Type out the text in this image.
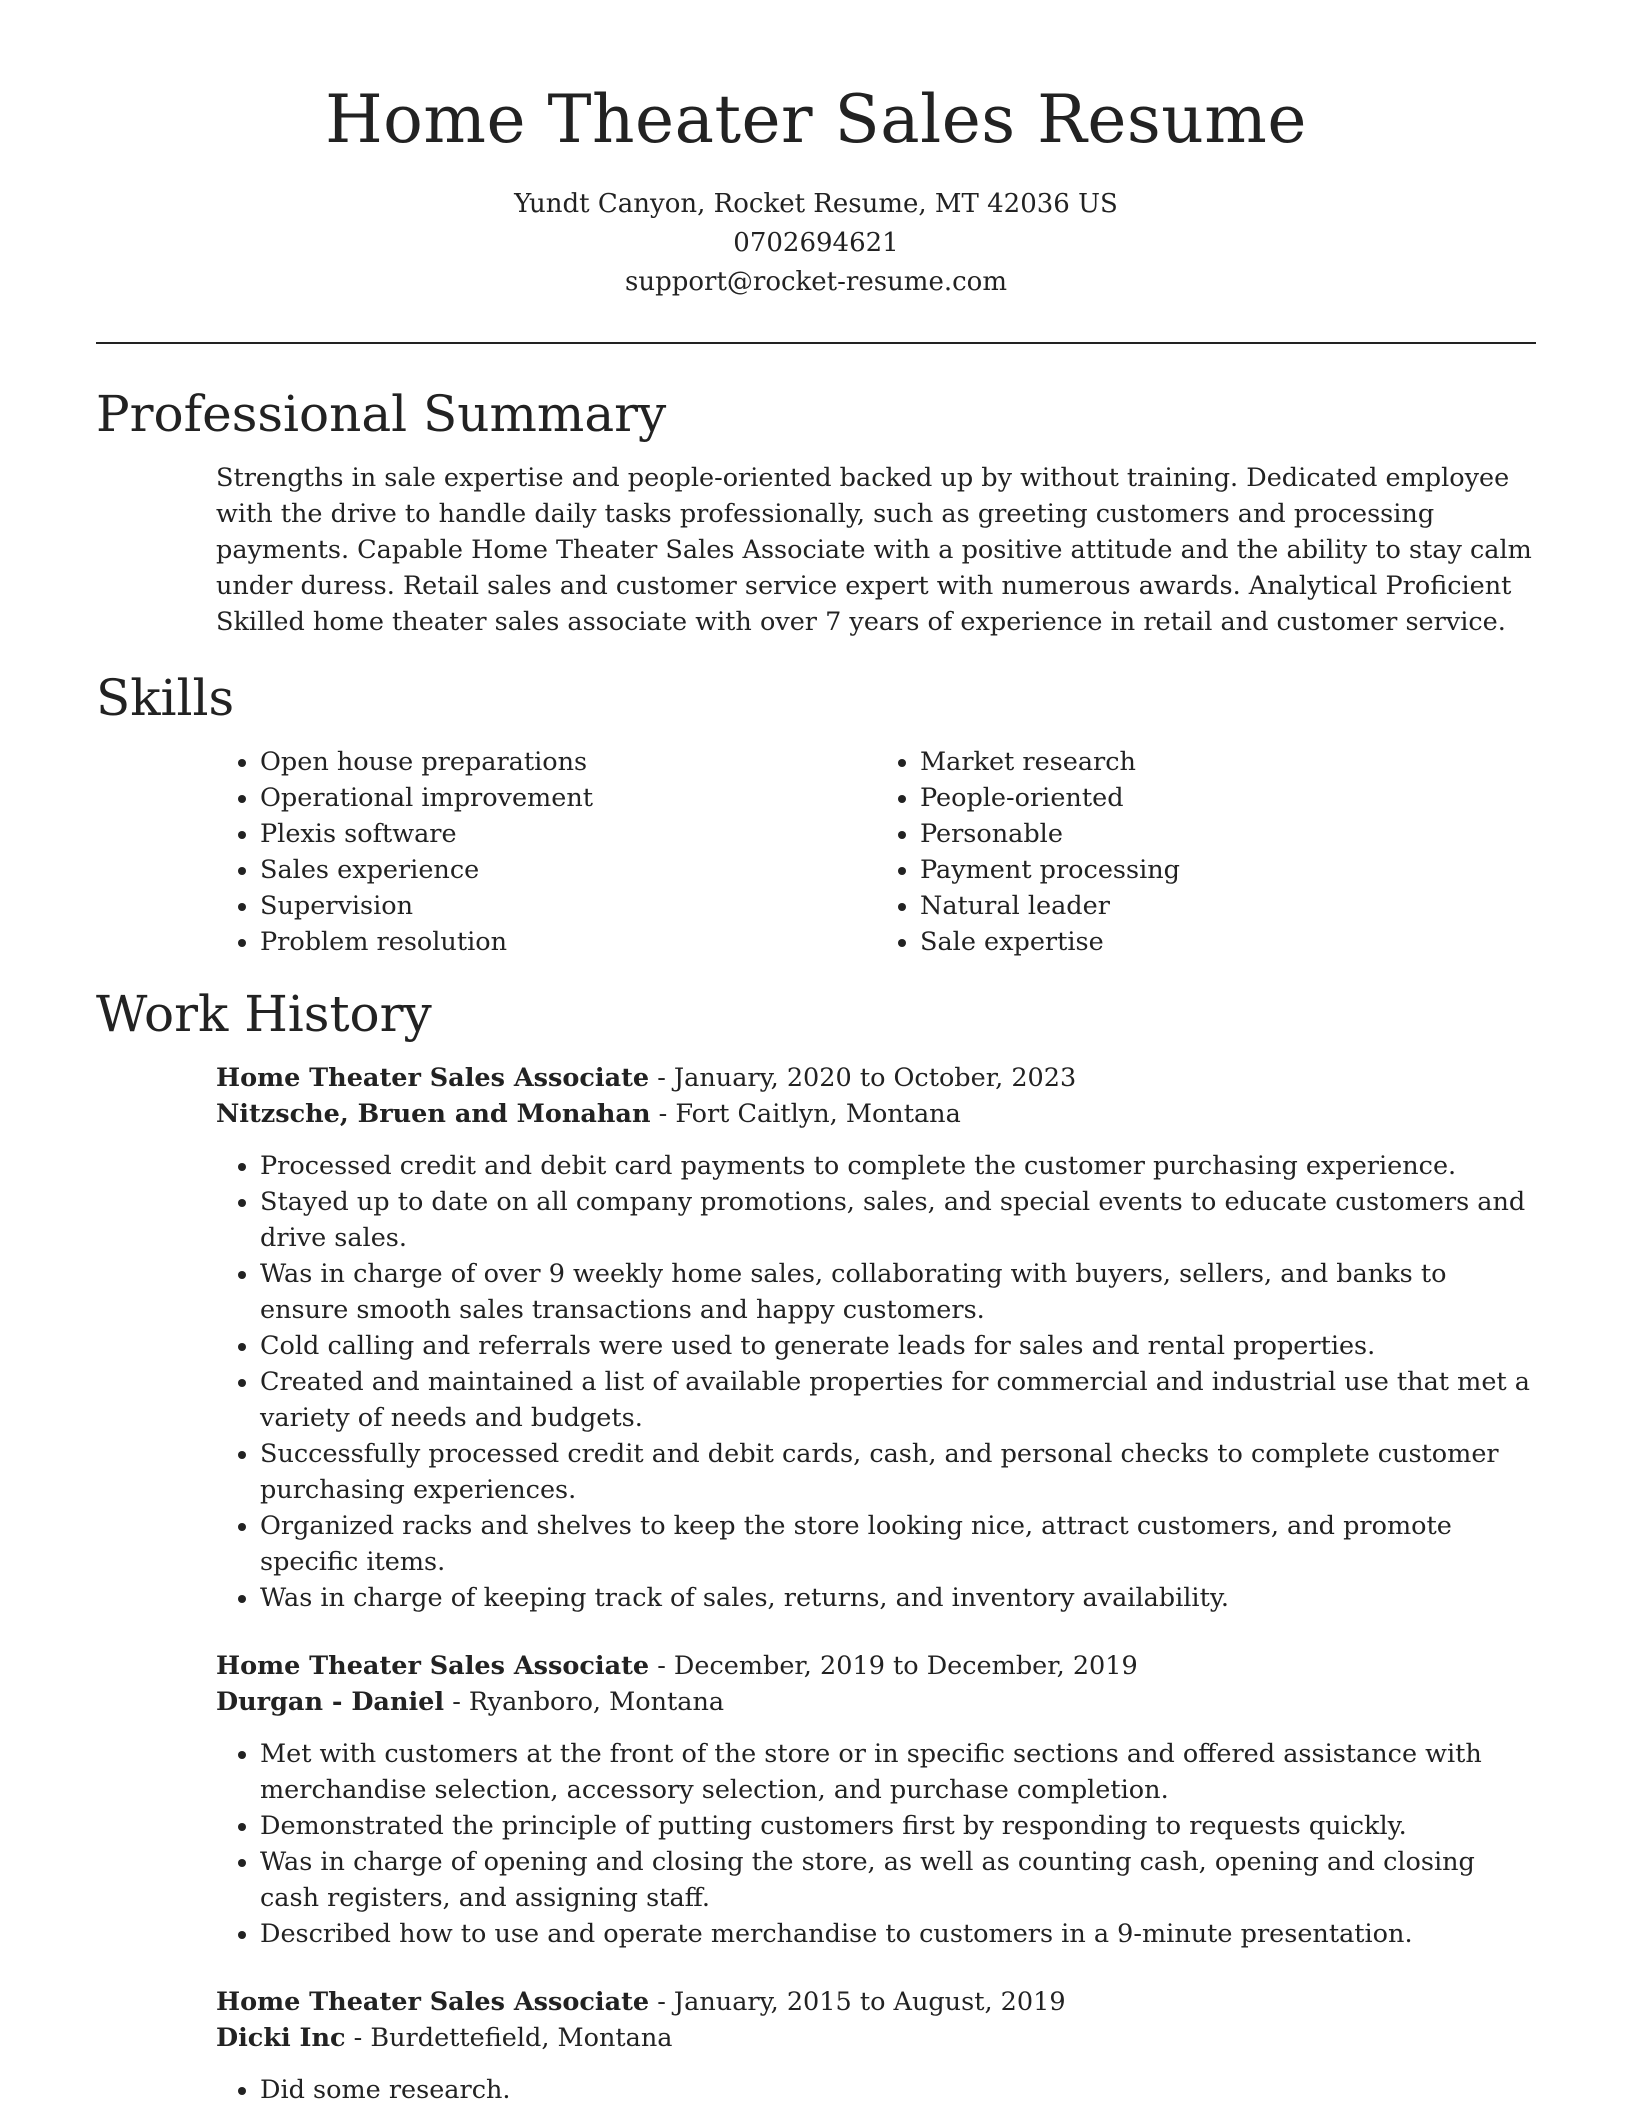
Home Theater Sales Resume
Yundt Canyon, Rocket Resume, MT 42036 US
0702694621
support@rocket-resume.com
Professional Summary
Strengths in sale expertise and people-oriented backed up by without training. Dedicated employee with the drive to handle daily tasks professionally, such as greeting customers and processing payments. Capable Home Theater Sales Associate with a positive attitude and the ability to stay calm under duress. Retail sales and customer service expert with numerous awards. Analytical Proficient Skilled home theater sales associate with over 7 years of experience in retail and customer service.
Skills
• Open house preparations
• Operational improvement
• Plexis software
• Sales experience
• Supervision
• Problem resolution
• Market research
• People-oriented
• Personable
• Payment processing
• Natural leader
• Sale expertise
Work History

Home Theater Sales Associate - January, 2020 to October, 2023

Nitzsche, Bruen and Monahan - Fort Caitlyn, Montana

• Processed credit and debit card payments to complete the customer purchasing experience.
• Stayed up to date on all company promotions, sales, and special events to educate customers and drive sales.
• Was in charge of over 9 weekly home sales, collaborating with buyers, sellers, and banks to ensure smooth sales transactions and happy customers.
• Cold calling and referrals were used to generate leads for sales and rental properties.
• Created and maintained a list of available properties for commercial and industrial use that met a variety of needs and budgets.
• Successfully processed credit and debit cards, cash, and personal checks to complete customer purchasing experiences.
• Organized racks and shelves to keep the store looking nice, attract customers, and promote specific items.
• Was in charge of keeping track of sales, returns, and inventory availability.

Home Theater Sales Associate - December, 2019 to December, 2019

Durgan - Daniel - Ryanboro, Montana

• Met with customers at the front of the store or in specific sections and offered assistance with merchandise selection, accessory selection, and purchase completion.
• Demonstrated the principle of putting customers first by responding to requests quickly.
• Was in charge of opening and closing the store, as well as counting cash, opening and closing cash registers, and assigning staff.
• Described how to use and operate merchandise to customers in a 9-minute presentation.

Home Theater Sales Associate - January, 2015 to August, 2019

Dicki Inc - Burdettefield, Montana

• Did some research.
